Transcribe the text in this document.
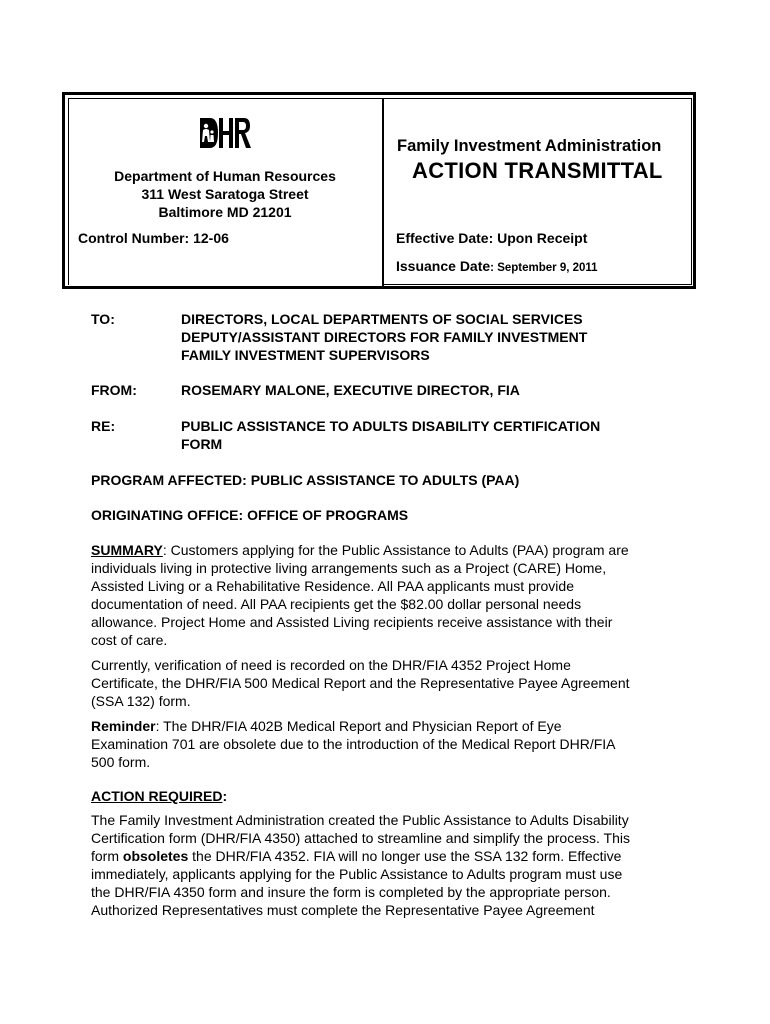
Department of Human Resources
311 West Saratoga Street
Baltimore MD 21201
Control Number: 12-06
Family Investment Administration
ACTION TRANSMITTAL
Effective Date: Upon Receipt
Issuance Date: September 9, 2011
TO:	DIRECTORS, LOCAL DEPARTMENTS OF SOCIAL SERVICES
DEPUTY/ASSISTANT DIRECTORS FOR FAMILY INVESTMENT
FAMILY INVESTMENT SUPERVISORS
FROM:	ROSEMARY MALONE, EXECUTIVE DIRECTOR, FIA
RE:	PUBLIC ASSISTANCE TO ADULTS DISABILITY CERTIFICATION
FORM
PROGRAM AFFECTED: PUBLIC ASSISTANCE TO ADULTS (PAA)
ORIGINATING OFFICE: OFFICE OF PROGRAMS
SUMMARY: Customers applying for the Public Assistance to Adults (PAA) program are
individuals living in protective living arrangements such as a Project (CARE) Home,
Assisted Living or a Rehabilitative Residence. All PAA applicants must provide
documentation of need. All PAA recipients get the $82.00 dollar personal needs
allowance. Project Home and Assisted Living recipients receive assistance with their
cost of care.
Currently, verification of need is recorded on the DHR/FIA 4352 Project Home
Certificate, the DHR/FIA 500 Medical Report and the Representative Payee Agreement
(SSA 132) form.
Reminder: The DHR/FIA 402B Medical Report and Physician Report of Eye
Examination 701 are obsolete due to the introduction of the Medical Report DHR/FIA
500 form.
ACTION REQUIRED:
The Family Investment Administration created the Public Assistance to Adults Disability
Certification form (DHR/FIA 4350) attached to streamline and simplify the process. This
form obsoletes the DHR/FIA 4352. FIA will no longer use the SSA 132 form. Effective
immediately, applicants applying for the Public Assistance to Adults program must use
the DHR/FIA 4350 form and insure the form is completed by the appropriate person.
Authorized Representatives must complete the Representative Payee Agreement
